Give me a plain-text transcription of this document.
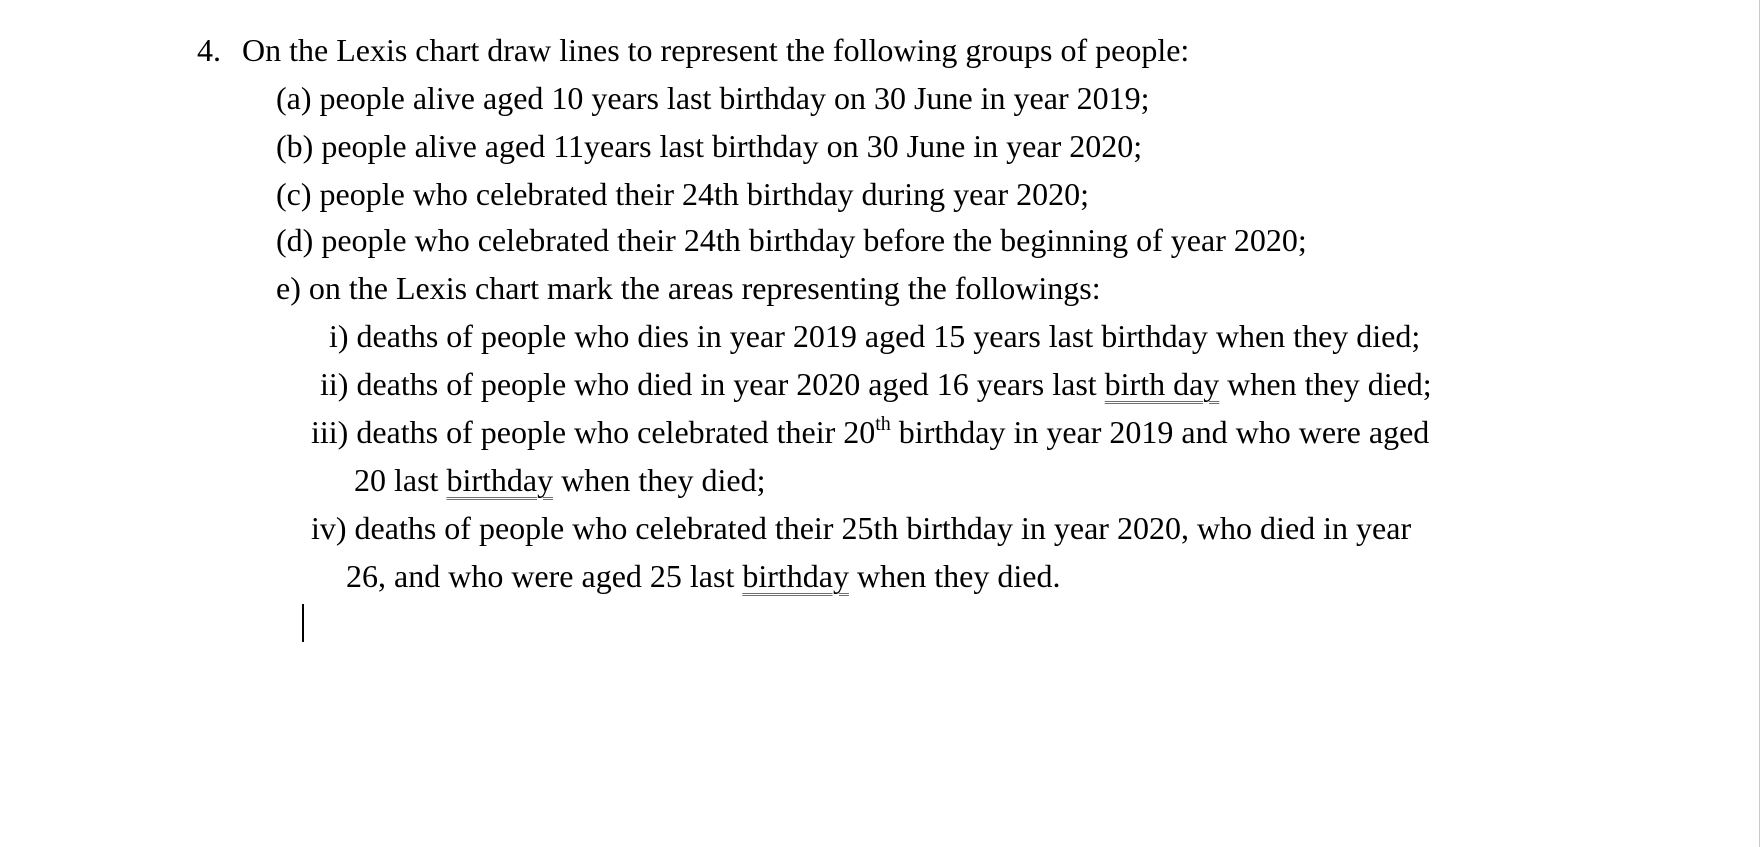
4. On the Lexis chart draw lines to represent the following groups of people:
(a) people alive aged 10 years last birthday on 30 June in year 2019;
(b) people alive aged 11years last birthday on 30 June in year 2020;
(c) people who celebrated their 24th birthday during year 2020;
(d) people who celebrated their 24th birthday before the beginning of year 2020;
e) on the Lexis chart mark the areas representing the followings:
i) deaths of people who dies in year 2019 aged 15 years last birthday when they died;
ii) deaths of people who died in year 2020 aged 16 years last birth day when they died;
iii) deaths of people who celebrated their 20th birthday in year 2019 and who were aged
20 last birthday when they died;
iv) deaths of people who celebrated their 25th birthday in year 2020, who died in year
26, and who were aged 25 last birthday when they died.
